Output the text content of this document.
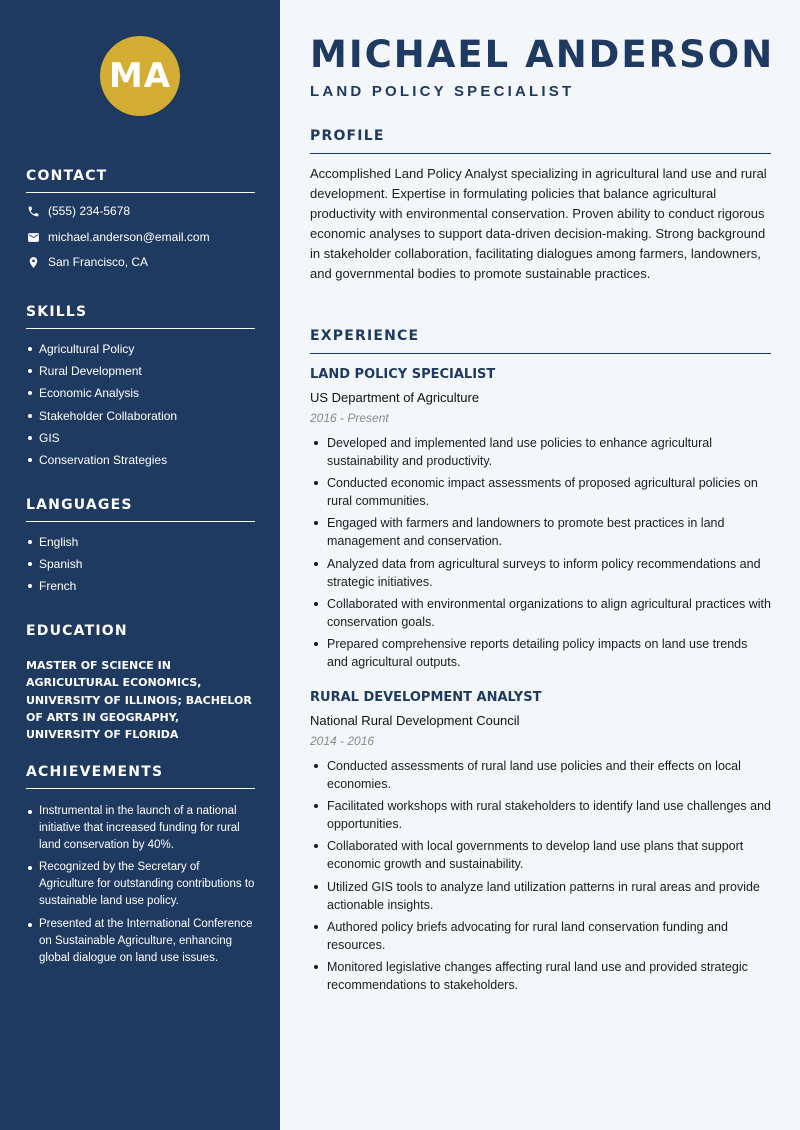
MA
CONTACT
(555) 234-5678
michael.anderson@email.com
San Francisco, CA
SKILLS
Agricultural Policy
Rural Development
Economic Analysis
Stakeholder Collaboration
GIS
Conservation Strategies
LANGUAGES
English
Spanish
French
EDUCATION

MASTER OF SCIENCE IN AGRICULTURAL ECONOMICS, UNIVERSITY OF ILLINOIS; BACHELOR OF ARTS IN GEOGRAPHY, UNIVERSITY OF FLORIDA

ACHIEVEMENTS
Instrumental in the launch of a national initiative that increased funding for rural land conservation by 40%.
Recognized by the Secretary of Agriculture for outstanding contributions to sustainable land use policy.
Presented at the International Conference on Sustainable Agriculture, enhancing global dialogue on land use issues.
MICHAEL ANDERSON
LAND POLICY SPECIALIST
PROFILE

Accomplished Land Policy Analyst specializing in agricultural land use and rural development. Expertise in formulating policies that balance agricultural productivity with environmental conservation. Proven ability to conduct rigorous economic analyses to support data-driven decision-making. Strong background in stakeholder collaboration, facilitating dialogues among farmers, landowners, and governmental bodies to promote sustainable practices.

EXPERIENCE

LAND POLICY SPECIALIST

US Department of Agriculture

2016 - Present

Developed and implemented land use policies to enhance agricultural sustainability and productivity.
Conducted economic impact assessments of proposed agricultural policies on rural communities.
Engaged with farmers and landowners to promote best practices in land management and conservation.
Analyzed data from agricultural surveys to inform policy recommendations and strategic initiatives.
Collaborated with environmental organizations to align agricultural practices with conservation goals.
Prepared comprehensive reports detailing policy impacts on land use trends and agricultural outputs.

RURAL DEVELOPMENT ANALYST

National Rural Development Council

2014 - 2016

Conducted assessments of rural land use policies and their effects on local economies.
Facilitated workshops with rural stakeholders to identify land use challenges and opportunities.
Collaborated with local governments to develop land use plans that support economic growth and sustainability.
Utilized GIS tools to analyze land utilization patterns in rural areas and provide actionable insights.
Authored policy briefs advocating for rural land conservation funding and resources.
Monitored legislative changes affecting rural land use and provided strategic recommendations to stakeholders.
